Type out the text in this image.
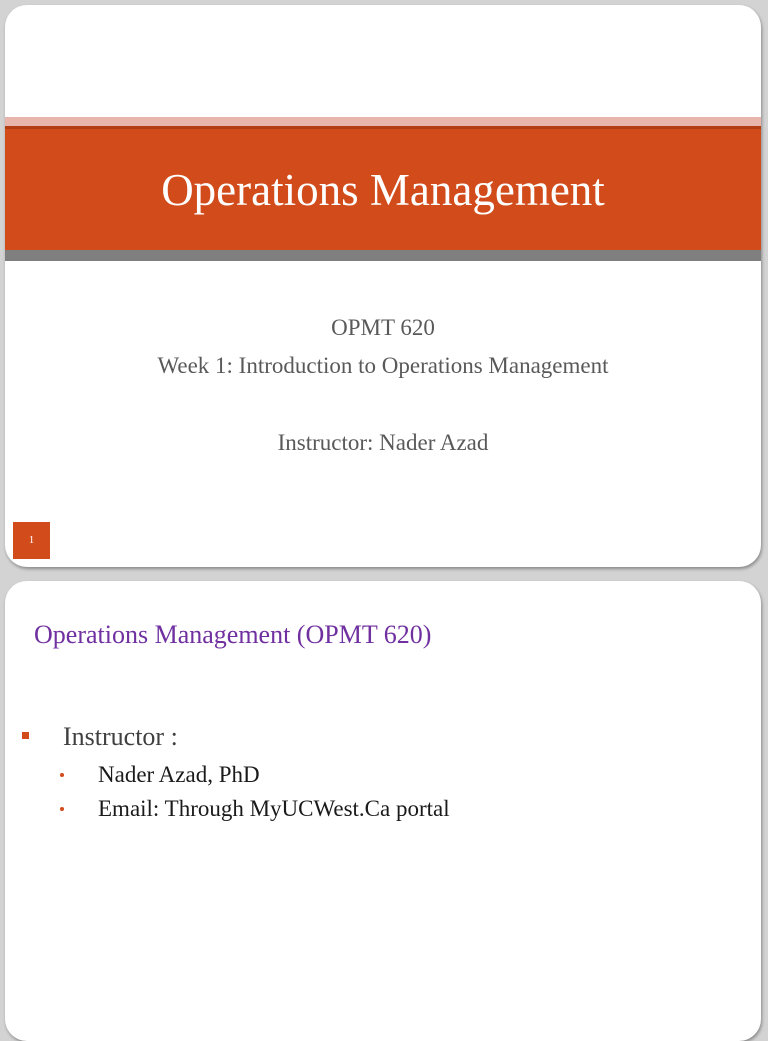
Operations Management
OPMT 620
Week 1: Introduction to Operations Management
Instructor: Nader Azad
1
Operations Management (OPMT 620)
Instructor :
Nader Azad, PhD
Email: Through MyUCWest.Ca portal
